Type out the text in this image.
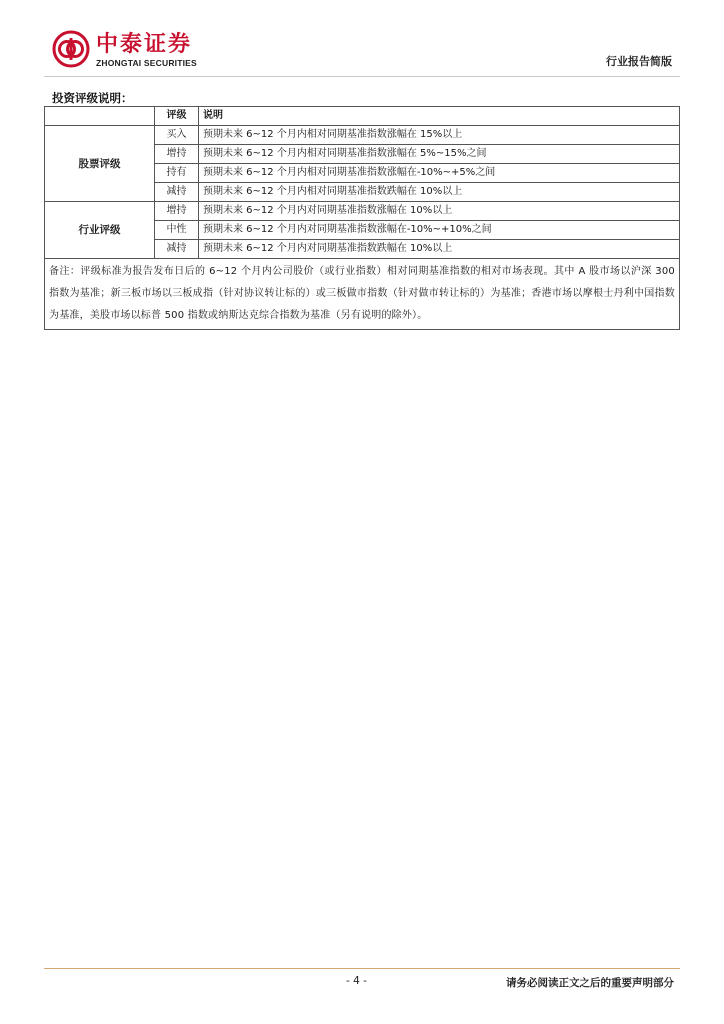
中泰证券
ZHONGTAI SECURITIES	行业报告简版
投资评级说明：
	评级	说明
股票评级	买入	预期未来 6~12 个月内相对同期基准指数涨幅在 15%以上
	增持	预期未来 6~12 个月内相对同期基准指数涨幅在 5%~15%之间
	持有	预期未来 6~12 个月内相对同期基准指数涨幅在-10%~+5%之间
	减持	预期未来 6~12 个月内相对同期基准指数跌幅在 10%以上
行业评级	增持	预期未来 6~12 个月内对同期基准指数涨幅在 10%以上
	中性	预期未来 6~12 个月内对同期基准指数涨幅在-10%~+10%之间
	减持	预期未来 6~12 个月内对同期基准指数跌幅在 10%以上
备注：评级标准为报告发布日后的 6~12 个月内公司股价（或行业指数）相对同期基准指数的相对市场表现。其中 A 股市场以沪深 300 指数为基准；新三板市场以三板成指（针对协议转让标的）或三板做市指数（针对做市转让标的）为基准；香港市场以摩根士丹利中国指数为基准，美股市场以标普 500 指数或纳斯达克综合指数为基准（另有说明的除外）。		
- 4 -	请务必阅读正文之后的重要声明部分
